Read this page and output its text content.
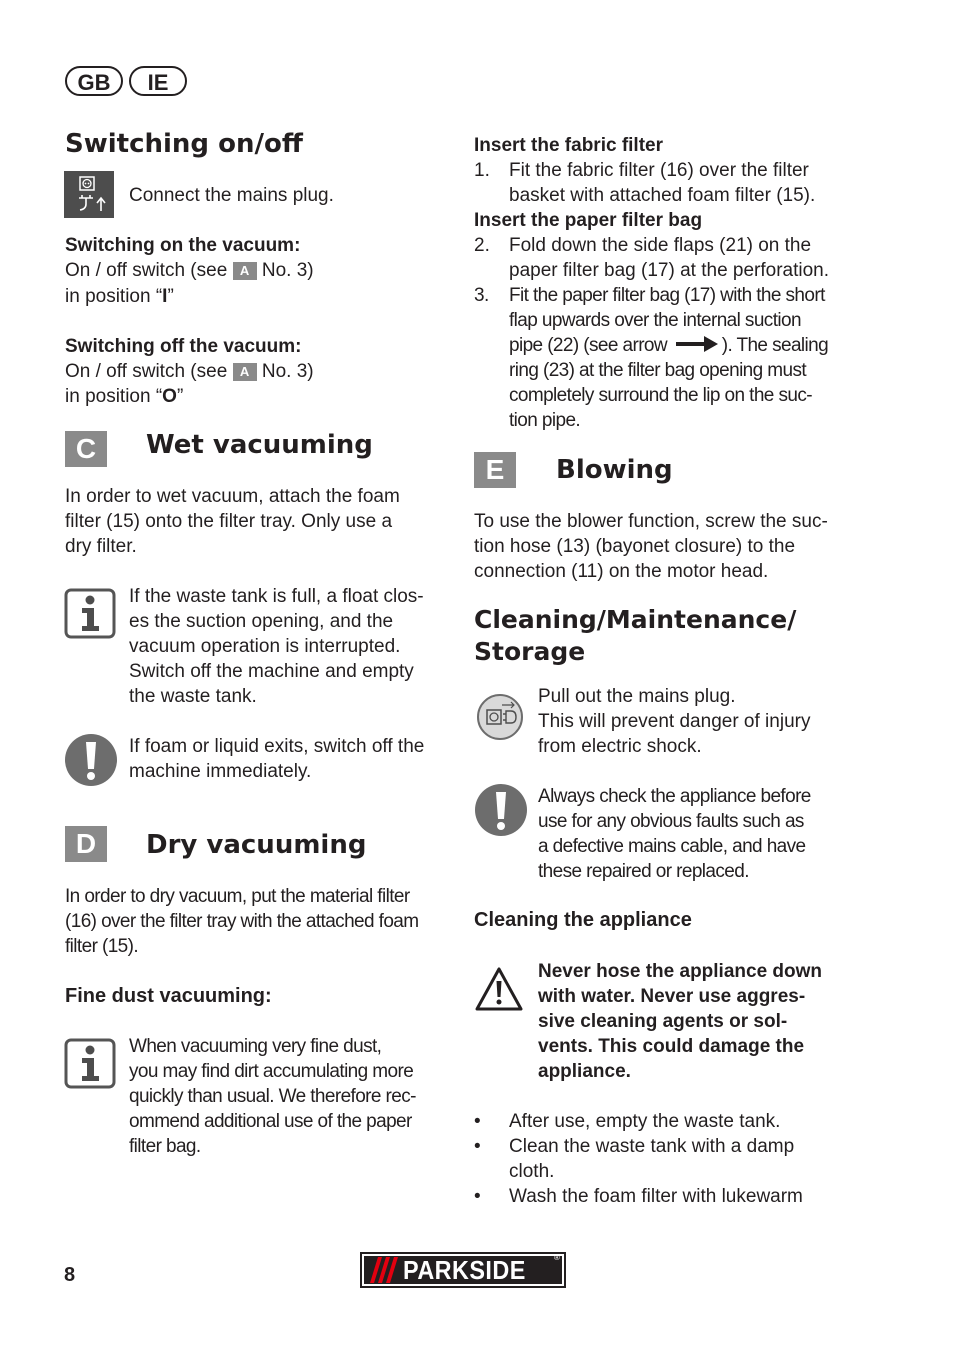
GB	IE
Switching on/off
Connect the mains plug.
Switching on the vacuum:
On / off switch (see A No. 3)
in position “I”
Switching off the vacuum:
On / off switch (see A No. 3)
in position “O”
C	Wet vacuuming
In order to wet vacuum, attach the foam
filter (15) onto the filter tray. Only use a
dry filter.
If the waste tank is full, a float clos-
es the suction opening, and the
vacuum operation is interrupted.
Switch off the machine and empty
the waste tank.
If foam or liquid exits, switch off the
machine immediately.
D	Dry vacuuming
In order to dry vacuum, put the material filter
(16) over the filter tray with the attached foam
filter (15).
Fine dust vacuuming:
When vacuuming very fine dust,
you may find dirt accumulating more
quickly than usual. We therefore rec-
ommend additional use of the paper
filter bag.
Insert the fabric filter
1. Fit the fabric filter (16) over the filter
basket with attached foam filter (15).
Insert the paper filter bag
2. Fold down the side flaps (21) on the
paper filter bag (17) at the perforation.
3. Fit the paper filter bag (17) with the short
flap upwards over the internal suction
pipe (22) (see arrow	). The sealing
ring (23) at the filter bag opening must
completely surround the lip on the suc-
tion pipe.
E	Blowing
To use the blower function, screw the suc-
tion hose (13) (bayonet closure) to the
connection (11) on the motor head.
Cleaning/Maintenance/
Storage
Pull out the mains plug.
This will prevent danger of injury
from electric shock.
Always check the appliance before
use for any obvious faults such as
a defective mains cable, and have
these repaired or replaced.
Cleaning the appliance
Never hose the appliance down
with water. Never use aggres-
sive cleaning agents or sol-
vents. This could damage the
appliance.
• After use, empty the waste tank.
• Clean the waste tank with a damp
cloth.
• Wash the foam filter with lukewarm
8	PARKSIDE	®
